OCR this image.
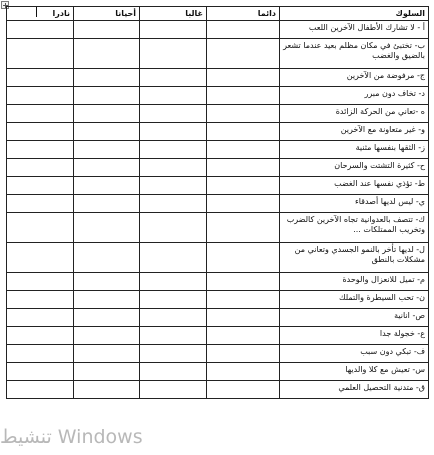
السلوك	دائما	غالبا	أحيانا	نادرا
أ - لا تشارك الأطفال الآخرين اللعب				
ب- تختبئ في مكان مظلم بعيد عندما تشعر بالضيق والغضب				
ج- مرفوضة من الآخرين				
د- تخاف دون مبرر				
ه -تعاني من الحركة الزائدة				
و- غير متعاونة مع الآخرين				
ز- الثقها بنفسها مثنية				
ح- كثيرة التشتت والسرحان				
ط- تؤذي نفسها عند الغضب				
ي- ليس لديها أصدقاء				
ك- تتصف بالعدوانية تجاه الآخرين كالضرب وتخريب الممتلكات ...				
ل- لديها تأخر بالنمو الجسدي وتعاني من مشكلات بالنطق				
م- تميل للانعزال والوحدة				
ن- تحب السيطرة والتملك				
ص- انانية				
ع- خجولة جدا				
ف- تبكي دون سبب				
س- تعيش مع كلا والديها				
ق- متدنية التحصيل العلمي				
تنشيط Windows
